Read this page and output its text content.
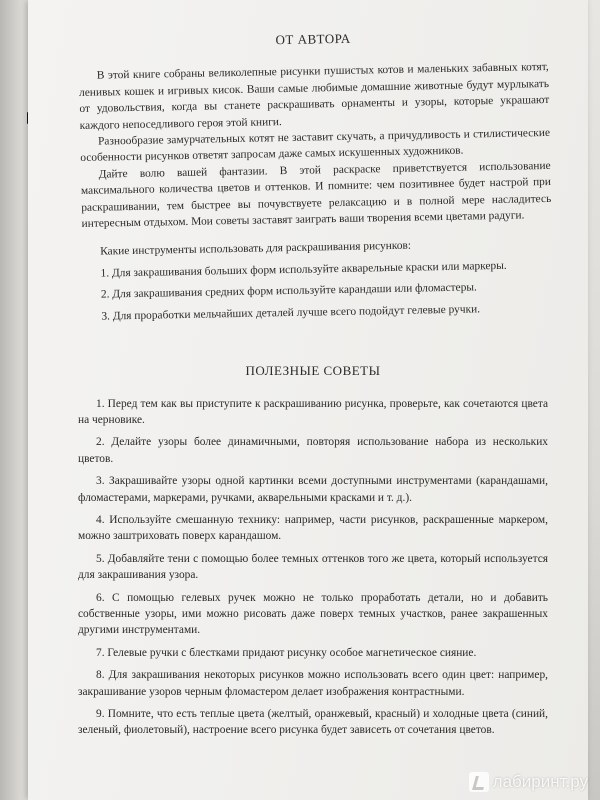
ОТ АВТОРА

В этой книге собраны великолепные рисунки пушистых котов и маленьких забавных котят, ленивых кошек и игривых кисок. Ваши самые любимые домашние животные будут мурлыкать от удовольствия, когда вы станете раскрашивать орнаменты и узоры, которые украшают каждого непоседливого героя этой книги.

Разнообразие замурчательных котят не заставит скучать, а причудливость и стилистические особенности рисунков ответят запросам даже самых искушенных художников.

Дайте волю вашей фантазии. В этой раскраске приветствуется использование максимального количества цветов и оттенков. И помните: чем позитивнее будет настрой при раскрашивании, тем быстрее вы почувствуете релаксацию и в полной мере насладитесь интересным отдыхом. Мои советы заставят заиграть ваши творения всеми цветами радуги.

Какие инструменты использовать для раскрашивания рисунков:

1. Для закрашивания больших форм используйте акварельные краски или маркеры.

2. Для закрашивания средних форм используйте карандаши или фломастеры.

3. Для проработки мельчайших деталей лучше всего подойдут гелевые ручки.

ПОЛЕЗНЫЕ СОВЕТЫ

1. Перед тем как вы приступите к раскрашиванию рисунка, проверьте, как сочетаются цвета на черновике.

2. Делайте узоры более динамичными, повторяя использование набора из нескольких цветов.

3. Закрашивайте узоры одной картинки всеми доступными инструментами (карандашами, фломастерами, маркерами, ручками, акварельными красками и т. д.).

4. Используйте смешанную технику: например, части рисунков, раскрашенные маркером, можно заштриховать поверх карандашом.

5. Добавляйте тени с помощью более темных оттенков того же цвета, который используется для закрашивания узора.

6. С помощью гелевых ручек можно не только проработать детали, но и добавить собственные узоры, ими можно рисовать даже поверх темных участков, ранее закрашенных другими инструментами.

7. Гелевые ручки с блестками придают рисунку особое магнетическое сияние.

8. Для закрашивания некоторых рисунков можно использовать всего один цвет: например, закрашивание узоров черным фломастером делает изображения контрастными.

9. Помните, что есть теплые цвета (желтый, оранжевый, красный) и холодные цвета (синий, зеленый, фиолетовый), настроение всего рисунка будет зависеть от сочетания цветов.

лабиринт.ру
